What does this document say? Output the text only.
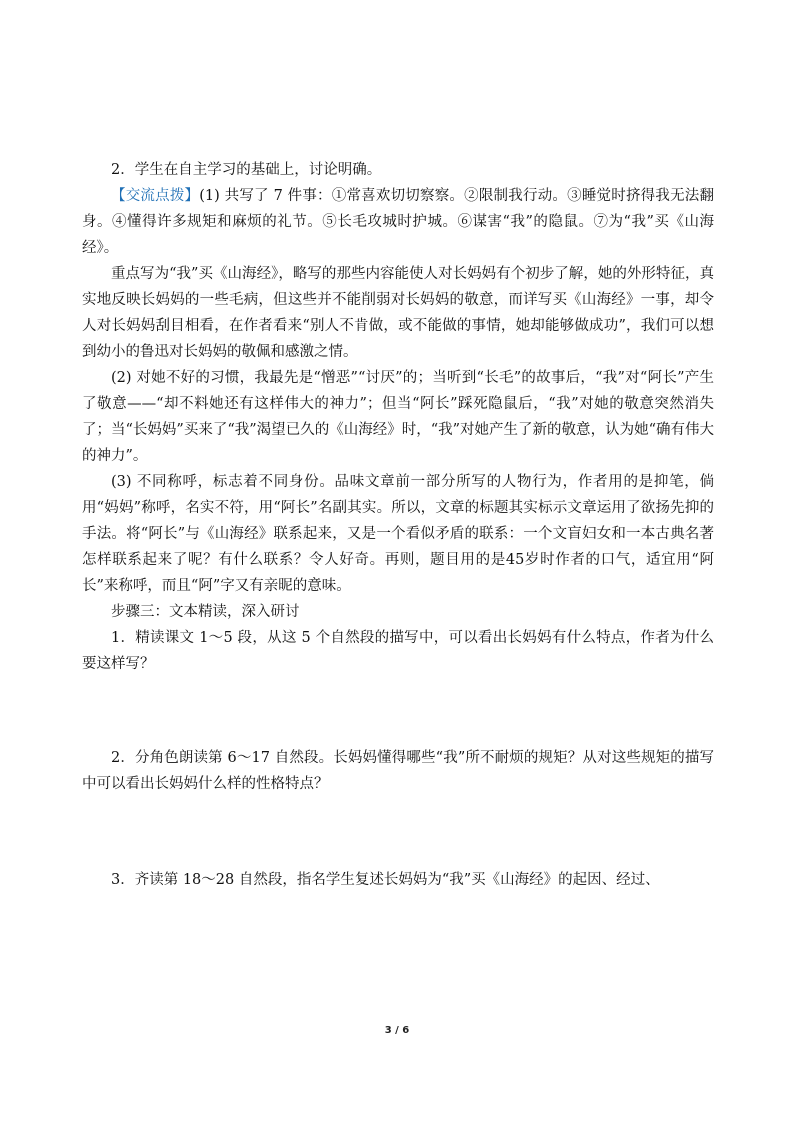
2．学生在自主学习的基础上，讨论明确。

【交流点拨】(1) 共写了 7 件事：①常喜欢切切察察。②限制我行动。③睡觉时挤得我无法翻身。④懂得许多规矩和麻烦的礼节。⑤长毛攻城时护城。⑥谋害“我”的隐鼠。⑦为“我”买《山海经》。

重点写为“我”买《山海经》，略写的那些内容能使人对长妈妈有个初步了解，她的外形特征，真实地反映长妈妈的一些毛病，但这些并不能削弱对长妈妈的敬意，而详写买《山海经》一事，却令人对长妈妈刮目相看，在作者看来“别人不肯做，或不能做的事情，她却能够做成功”，我们可以想到幼小的鲁迅对长妈妈的敬佩和感激之情。

(2) 对她不好的习惯，我最先是“憎恶”“讨厌”的；当听到“长毛”的故事后，“我”对“阿长”产生了敬意——“却不料她还有这样伟大的神力”；但当“阿长”踩死隐鼠后，“我”对她的敬意突然消失了；当“长妈妈”买来了“我”渴望已久的《山海经》时，“我”对她产生了新的敬意，认为她“确有伟大的神力”。

(3) 不同称呼，标志着不同身份。品味文章前一部分所写的人物行为，作者用的是抑笔，倘用“妈妈”称呼，名实不符，用“阿长”名副其实。所以，文章的标题其实标示文章运用了欲扬先抑的手法。将“阿长”与《山海经》联系起来，又是一个看似矛盾的联系：一个文盲妇女和一本古典名著怎样联系起来了呢？有什么联系？令人好奇。再则，题目用的是45岁时作者的口气，适宜用“阿长”来称呼，而且“阿”字又有亲昵的意味。

步骤三：文本精读，深入研讨

1．精读课文 1～5 段，从这 5 个自然段的描写中，可以看出长妈妈有什么特点，作者为什么要这样写？

2．分角色朗读第 6～17 自然段。长妈妈懂得哪些“我”所不耐烦的规矩？从对这些规矩的描写中可以看出长妈妈什么样的性格特点？

3．齐读第 18～28 自然段，指名学生复述长妈妈为“我”买《山海经》的起因、经过、

3 / 6
